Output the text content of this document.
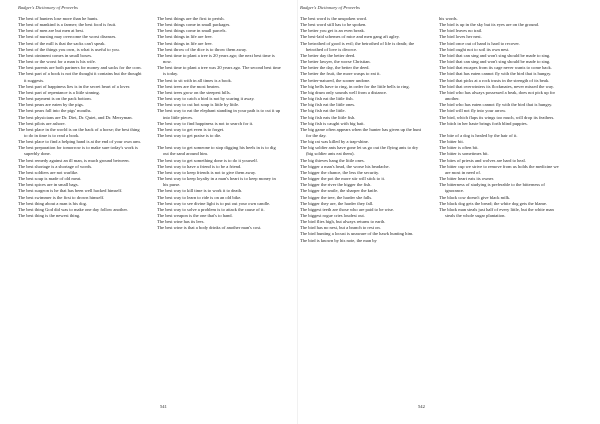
Badger's Dictionary of Proverbs

The best of hunters lose more than he hunts.

The best of mankind is a farmer; the best food is fruit.

The best of men are but men at best.

The best of nursing may overcome the worst diseases.

The best of the mill is that the sacks can't speak.

The best of the things you own, is what is useful to you.

The best ointment comes in small boxes.

The best or the worst for a man is his wife.

The best parents are both partners for money and sacks for the corn.

The best part of a book is not the thought it contains but the thought it suggests.

The best part of happiness lies is in the secret heart of a lover.

The best part of repentance is a little sinning.

The best payment is on the pack bottom.

The best pears are eaten by the pigs.

The best pears fall into the pigs' mouths.

The best physicians are Dr. Diet, Dr. Quiet, and Dr. Merryman.

The best pilots are ashore.

The best place in the world is on the back of a horse; the best thing to do in time is to read a book.

The best place to find a helping hand is at the end of your own arm.

The best preparation for tomorrow is to make sure today's work is superbly done.

The best remedy against an ill man, is much ground between.

The best shortage is a shortage of words.

The best soldiers are not warlike.

The best soup is made of old meat.

The best spices are in small bags.

The best surgeon is he that has been well hacked himself.

The best swimmer is the first to drown himself.

The best thing about a man is his dog.

The best thing God did was to make one day follow another.

The best thing is the newest thing.

The best things are the first to perish.

The best things come in small packages.

The best things come in small parcels.

The best things in life are free.

The best things in life are free.

The best throw of the dice is to throw them away.

The best time to plant a tree is 20 years ago; the next best time is now.

The best time to plant a tree was 20 years ago. The second best time is today.

The best to sit with in all times is a book.

The best trees are the most beaten.

The best trees grow on the steepest hills.

The best way to catch a bird is not by scaring it away.

The best way to cut hot soup is little by little.

The best way to eat the elephant standing in your path is to cut it up into little pieces.

The best way to find happiness is not to search for it.

The best way to get even is to forget.

The best way to get praise is to die.

The best way to get someone to stop digging his heels in is to dig out the sand around him.

The best way to get something done is to do it yourself.

The best way to have a friend is to be a friend.

The best way to keep friends is not to give them away.

The best way to keep loyalty in a man's heart is to keep money in his purse.

The best way to kill time is to work it to death.

The best way to learn to ride is on an old bike.

The best way to see divine light is to put out your own candle.

The best way to solve a problem is to attack the cause of it.

The best weapon is the one that's to hand.

The best wine has its lees.

The best wine is that a body drinks of another man's cost.

541
Badger's Dictionary of Proverbs

The best word is the unspoken word.

The best word still has to be spoken.

The better you get is an even break.

The best-laid schemes of mice and men gang aft agley.

The betrothed of good is evil; the betrothed of life is death; the betrothed of love is divorce.

The better day the better deed.

The better lawyer, the worse Christian.

The better the day, the better the deed.

The better the fruit, the more wasps to eat it.

The better-natured, the sooner undone.

The big bells have to ring, in order for the little bells to ring.

The big drum only sounds well from a distance.

The big fish eat the little fish.

The big fish eat the little ones.

The big fish eat the little.

The big fish eats the little fish.

The big fish is caught with big bait.

The big game often appears when the hunter has given up the hunt for the day.

The big rat was killed by a trap-shine.

The big soldier ants have gone let us go out the flying ants to dry (big soldier ants eat them).

The big thieves hang the little ones.

The bigger a man's head, the worse his headache.

The bigger the chance, the less the security.

The bigger the pot the more stir will stick to it.

The bigger the river the bigger the fish.

The bigger the smile, the sharper the knife.

The bigger the tree, the harder she falls.

The bigger they are, the harder they fall.

The biggest teeth are those who are paid to be wise.

The biggest rogue cries loudest out.

The bird flies high, but always returns to earth.

The bird has no nest, but a branch to rest on.

The bird hunting a locust is unaware of the hawk hunting him.

The bird is known by his note, the man by

his words.

The bird is up in the sky but its eyes are on the ground.

The bird leaves no trail.

The bird loves her nest.

The bird once out of hand is hard to recover.

The bird ought not to soil its own nest.

The bird that can sing and won't sing should be made to sing.

The bird that can sing and won't sing should be made to sing.

The bird that escapes from its cage never wants to come back.

The bird that has eaten cannot fly with the bird that is hungry.

The bird that picks at a rock trusts in the strength of its beak.

The bird that overwinters its flockmates, never missed the way.

The bird who has always possessed a beak, does not pick up for another.

The bird who has eaten cannot fly with the bird that is hungry.

The bird will not fly into your arrow.

The bird, which flaps its wings too much, will drop its feathers.

The bitch in her haste brings forth blind puppies.

The bite of a dog is healed by the hair of it.

The bitter bit.

The bitter is often bit.

The bitter is sometimes bit.

The bites of priests and wolves are hard to heal.

The bitter cup we strive to remove from us holds the medicine we are most in need of.

The bitter heart eats its owner.

The bitterness of studying is preferable to the bitterness of ignorance.

The black cow doesn't give black milk.

The black dog gets the bread; the white dog gets the blame.

The black man steals just half of every little, but the white man steals the whole sugar plantation.

542
